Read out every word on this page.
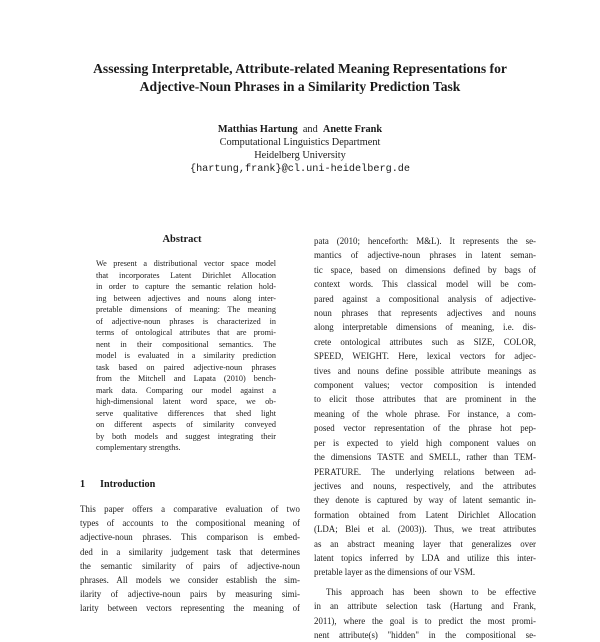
Assessing Interpretable, Attribute-related Meaning Representations for
Adjective-Noun Phrases in a Similarity Prediction Task
Matthias Hartung and Anette Frank
Computational Linguistics Department
Heidelberg University
{hartung,frank}@cl.uni-heidelberg.de
Abstract
We present a distributional vector space model
that incorporates Latent Dirichlet Allocation
in order to capture the semantic relation hold-
ing between adjectives and nouns along inter-
pretable dimensions of meaning: The meaning
of adjective-noun phrases is characterized in
terms of ontological attributes that are promi-
nent in their compositional semantics. The
model is evaluated in a similarity prediction
task based on paired adjective-noun phrases
from the Mitchell and Lapata (2010) bench-
mark data. Comparing our model against a
high-dimensional latent word space, we ob-
serve qualitative differences that shed light
on different aspects of similarity conveyed
by both models and suggest integrating their
complementary strengths.
1 Introduction
This paper offers a comparative evaluation of two
types of accounts to the compositional meaning of
adjective-noun phrases. This comparison is embed-
ded in a similarity judgement task that determines
the semantic similarity of pairs of adjective-noun
phrases. All models we consider establish the sim-
ilarity of adjective-noun pairs by measuring simi-
larity between vectors representing the meaning of
pata (2010; henceforth: M&L). It represents the se-
mantics of adjective-noun phrases in latent seman-
tic space, based on dimensions defined by bags of
context words. This classical model will be com-
pared against a compositional analysis of adjective-
noun phrases that represents adjectives and nouns
along interpretable dimensions of meaning, i.e. dis-
crete ontological attributes such as SIZE, COLOR,
SPEED, WEIGHT. Here, lexical vectors for adjec-
tives and nouns define possible attribute meanings as
component values; vector composition is intended
to elicit those attributes that are prominent in the
meaning of the whole phrase. For instance, a com-
posed vector representation of the phrase hot pep-
per is expected to yield high component values on
the dimensions TASTE and SMELL, rather than TEM-
PERATURE. The underlying relations between ad-
jectives and nouns, respectively, and the attributes
they denote is captured by way of latent semantic in-
formation obtained from Latent Dirichlet Allocation
(LDA; Blei et al. (2003)). Thus, we treat attributes
as an abstract meaning layer that generalizes over
latent topics inferred by LDA and utilize this inter-
pretable layer as the dimensions of our VSM.
This approach has been shown to be effective
in an attribute selection task (Hartung and Frank,
2011), where the goal is to predict the most promi-
nent attribute(s) "hidden" in the compositional se-
